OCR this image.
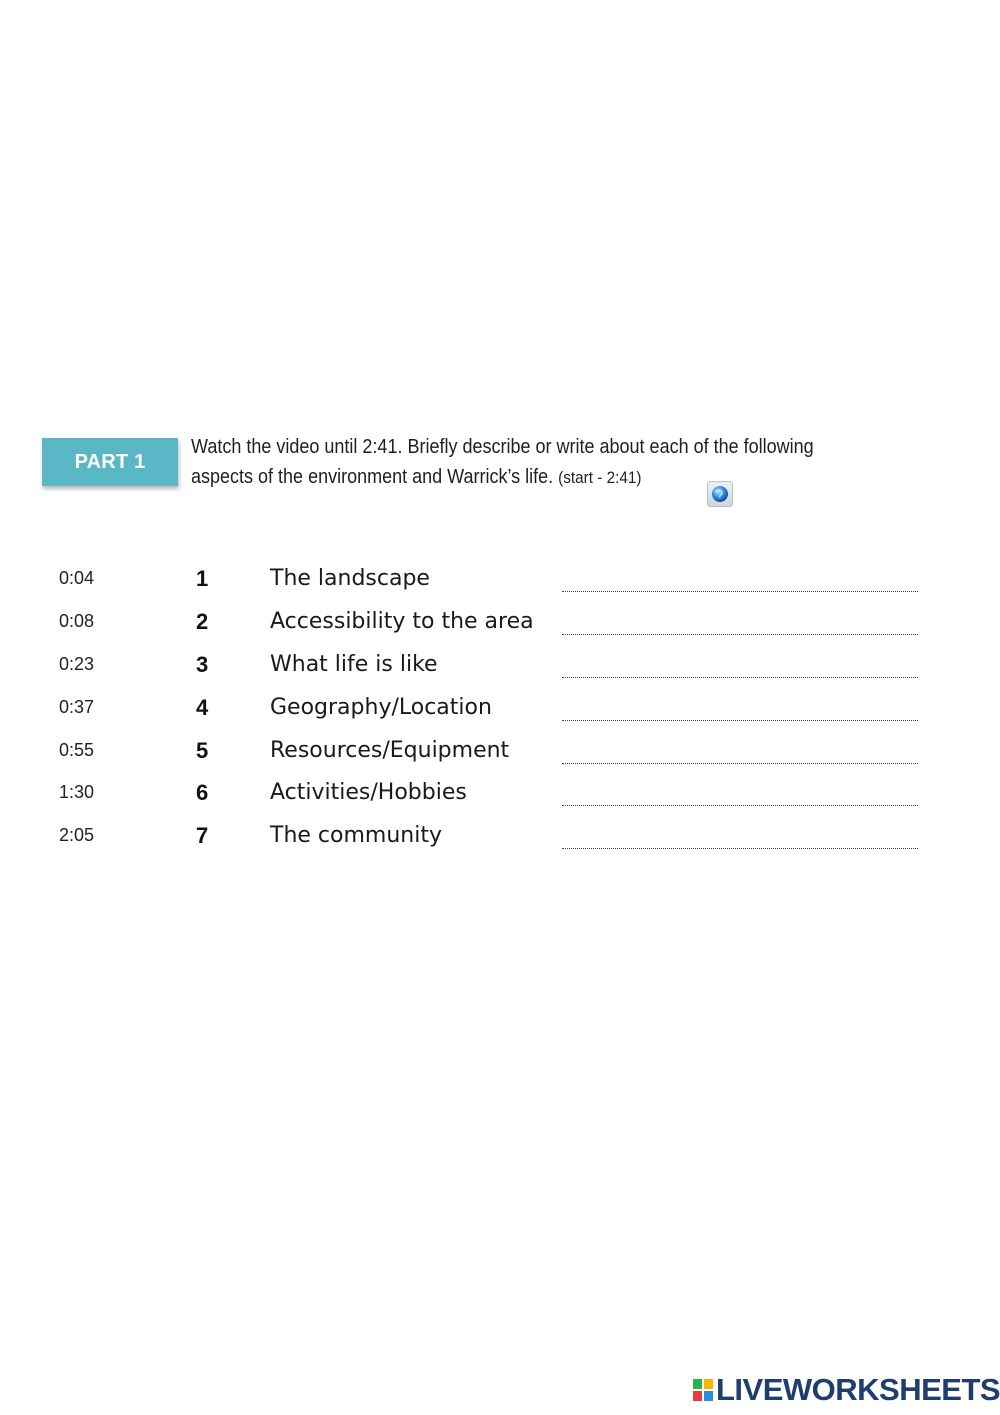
PART 1
Watch the video until 2:41. Briefly describe or write about each of the following
aspects of the environment and Warrick’s life. (start - 2:41)
0:04	1	The landscape
0:08	2	Accessibility to the area
0:23	3	What life is like
0:37	4	Geography/Location
0:55	5	Resources/Equipment
1:30	6	Activities/Hobbies
2:05	7	The community
LIVEWORKSHEETS
